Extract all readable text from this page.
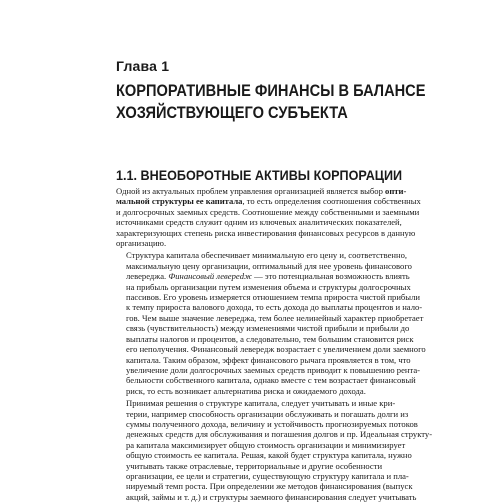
Глава 1
КОРПОРАТИВНЫЕ ФИНАНСЫ В БАЛАНСЕ
ХОЗЯЙСТВУЮЩЕГО СУБЪЕКТА
1.1. ВНЕОБОРОТНЫЕ АКТИВЫ КОРПОРАЦИИ

Одной из актуальных проблем управления организацией является выбор опти-
мальной структуры ее капитала, то есть определения соотношения собственных
и долгосрочных заемных средств. Соотношение между собственными и заемными
источниками средств служит одним из ключевых аналитических показателей,
характеризующих степень риска инвестирования финансовых ресурсов в данную
организацию.

Структура капитала обеспечивает минимальную его цену и, соответственно,
максимальную цену организации, оптимальный для нее уровень финансового
левереджа. Финансовый леверedж — это потенциальная возможность влиять
на прибыль организации путем изменения объема и структуры долгосрочных
пассивов. Его уровень измеряется отношением темпа прироста чистой прибыли
к темпу прироста валового дохода, то есть дохода до выплаты процентов и нало-
гов. Чем выше значение левереджа, тем более нелинейный характер приобретает
связь (чувствительность) между изменениями чистой прибыли и прибыли до
выплаты налогов и процентов, а следовательно, тем большим становится риск
его неполучения. Финансовый левередж возрастает с увеличением доли заемного
капитала. Таким образом, эффект финансового рычага проявляется в том, что
увеличение доли долгосрочных заемных средств приводит к повышению рента-
бельности собственного капитала, однако вместе с тем возрастает финансовый
риск, то есть возникает альтернатива риска и ожидаемого дохода.

Принимая решения о структуре капитала, следует учитывать и иные кри-
терии, например способность организации обслуживать и погашать долги из
суммы полученного дохода, величину и устойчивость прогнозируемых потоков
денежных средств для обслуживания и погашения долгов и пр. Идеальная структу-
ра капитала максимизирует общую стоимость организации и минимизирует
общую стоимость ее капитала. Решая, какой будет структура капитала, нужно
учитывать также отраслевые, территориальные и другие особенности
организации, ее цели и стратегии, существующую структуру капитала и пла-
нируемый темп роста. При определении же методов финансирования (выпуск
акций, займы и т. д.) и структуры заемного финансирования следует учитывать
